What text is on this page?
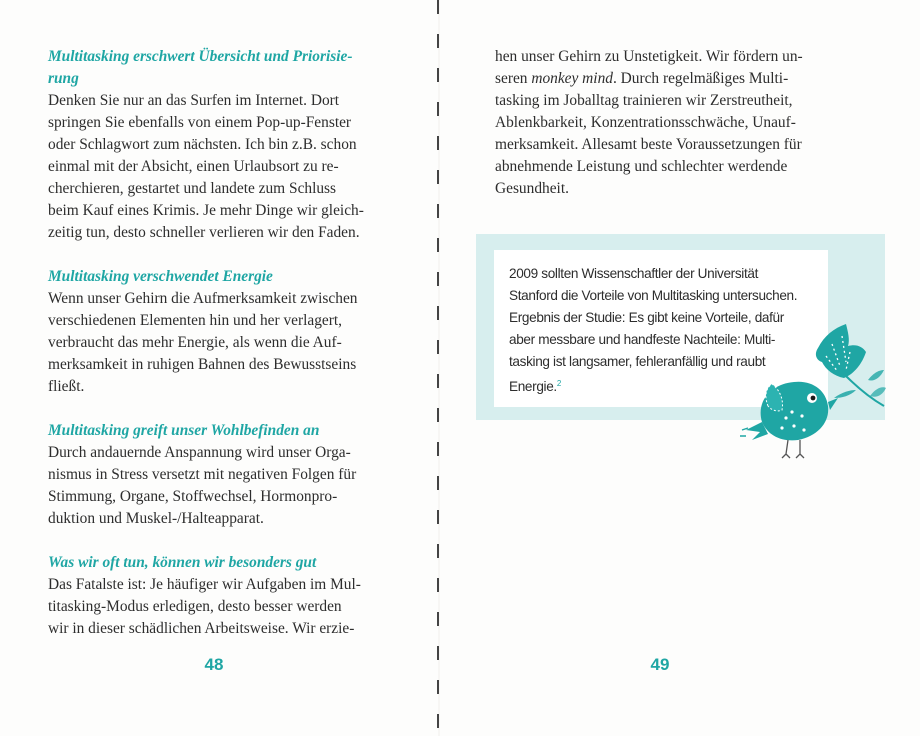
Multitasking erschwert Übersicht und Priorisie-
rung
Denken Sie nur an das Surfen im Internet. Dort
springen Sie ebenfalls von einem Pop-up-Fenster
oder Schlagwort zum nächsten. Ich bin z.B. schon
einmal mit der Absicht, einen Urlaubsort zu re-
cherchieren, gestartet und landete zum Schluss
beim Kauf eines Krimis. Je mehr Dinge wir gleich-
zeitig tun, desto schneller verlieren wir den Faden.
Multitasking verschwendet Energie
Wenn unser Gehirn die Aufmerksamkeit zwischen
verschiedenen Elementen hin und her verlagert,
verbraucht das mehr Energie, als wenn die Auf-
merksamkeit in ruhigen Bahnen des Bewusstseins
fließt.
Multitasking greift unser Wohlbefinden an
Durch andauernde Anspannung wird unser Orga-
nismus in Stress versetzt mit negativen Folgen für
Stimmung, Organe, Stoffwechsel, Hormonpro-
duktion und Muskel-/Halteapparat.
Was wir oft tun, können wir besonders gut
Das Fatalste ist: Je häufiger wir Aufgaben im Mul-
titasking-Modus erledigen, desto besser werden
wir in dieser schädlichen Arbeitsweise. Wir erzie-
48
hen unser Gehirn zu Unstetigkeit. Wir fördern un-
seren monkey mind. Durch regelmäßiges Multi-
tasking im Joballtag trainieren wir Zerstreutheit,
Ablenkbarkeit, Konzentrationsschwäche, Unauf-
merksamkeit. Allesamt beste Voraussetzungen für
abnehmende Leistung und schlechter werdende
Gesundheit.
2009 sollten Wissenschaftler der Universität
Stanford die Vorteile von Multitasking untersuchen.
Ergebnis der Studie: Es gibt keine Vorteile, dafür
aber messbare und handfeste Nachteile: Multi-
tasking ist langsamer, fehleranfällig und raubt
Energie.$^2$
49
